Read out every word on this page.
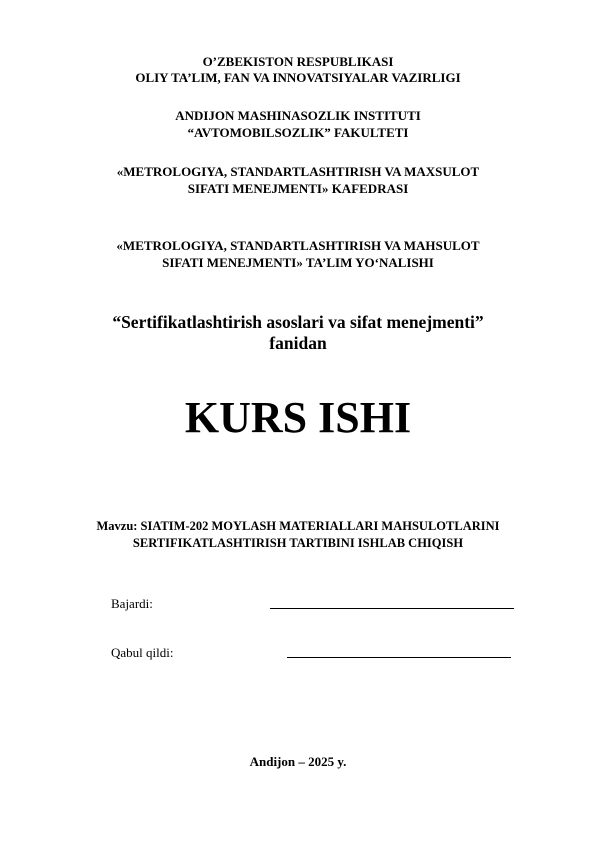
O’ZBEKISTON RESPUBLIKASI
OLIY TA’LIM, FAN VA INNOVATSIYALAR VAZIRLIGI
ANDIJON MASHINASOZLIK INSTITUTI
“AVTOMOBILSOZLIK” FAKULTETI
«METROLOGIYA, STANDARTLASHTIRISH VA MAXSULOT
SIFATI MENEJMENTI» KAFEDRASI
«METROLOGIYA, STANDARTLASHTIRISH VA MAHSULOT
SIFATI MENEJMENTI» TA’LIM YO‘NALISHI
“Sertifikatlashtirish asoslari va sifat menejmenti”
fanidan
KURS ISHI
Mavzu: SIATIM-202 MOYLASH MATERIALLARI MAHSULOTLARINI
SERTIFIKATLASHTIRISH TARTIBINI ISHLAB CHIQISH
Bajardi:
Qabul qildi:
Andijon – 2025 y.
